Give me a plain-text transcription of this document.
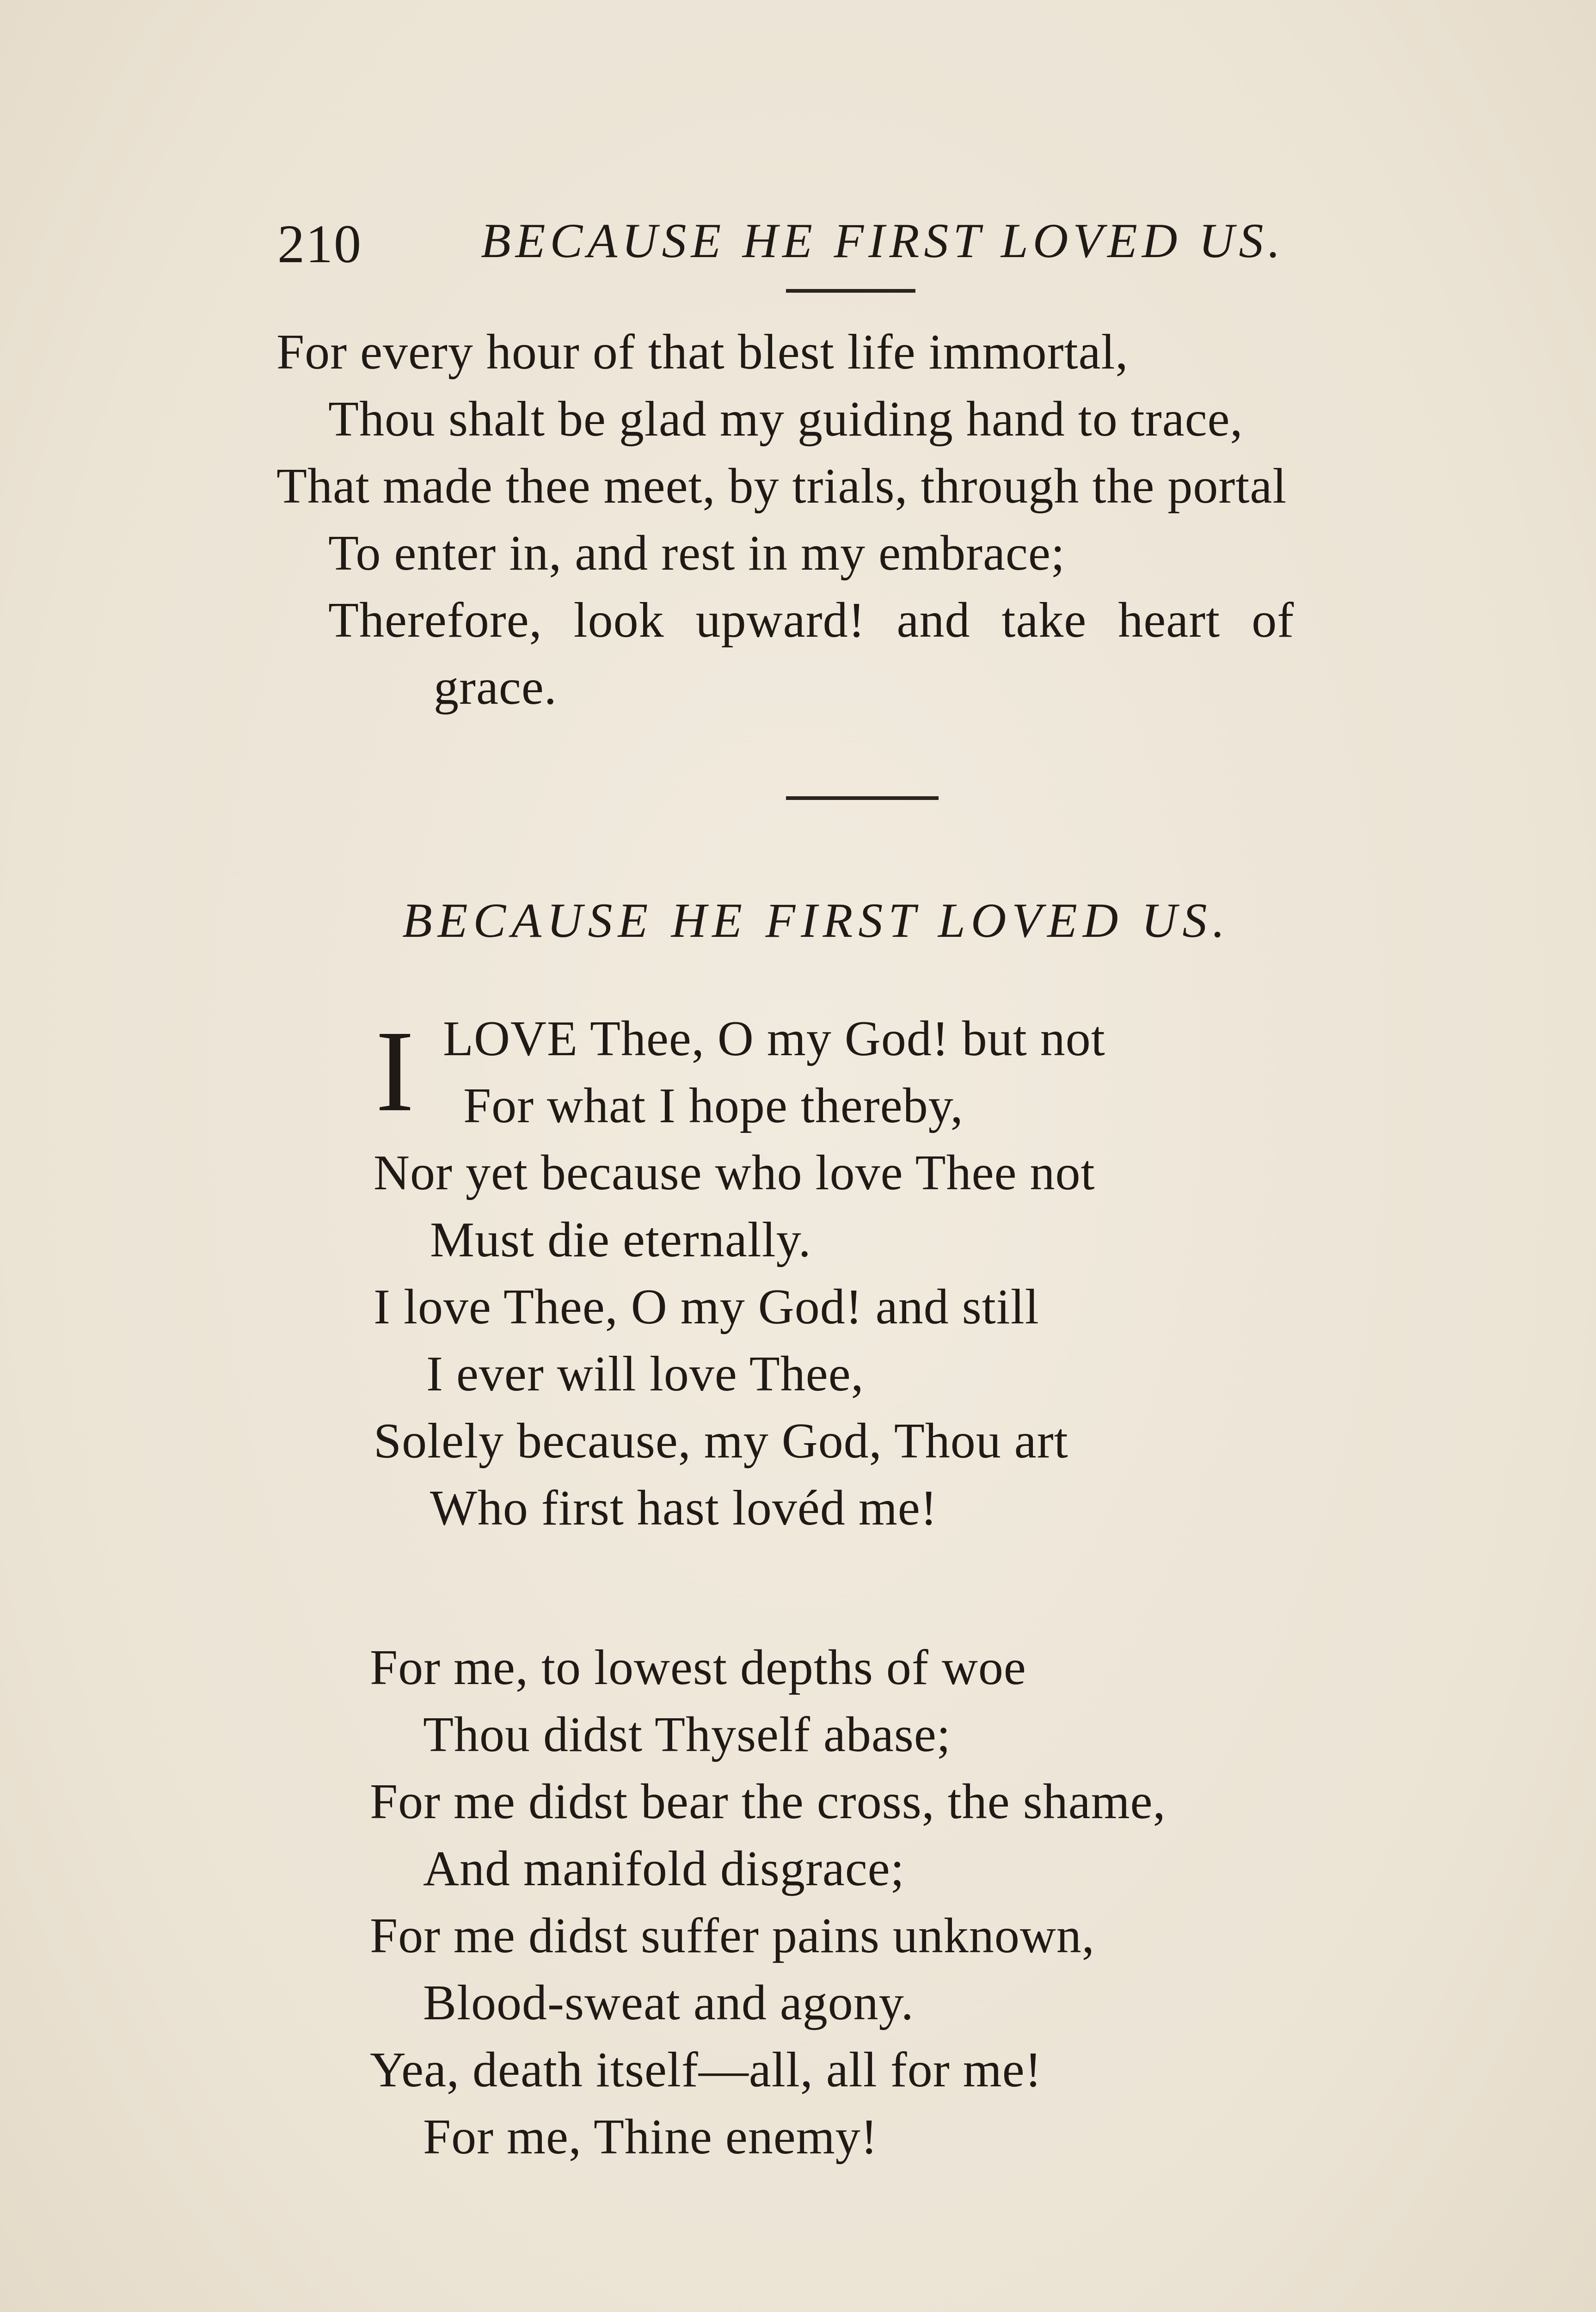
210 BECAUSE HE FIRST LOVED US.
For every hour of that blest life immortal,
Thou shalt be glad my guiding hand to trace,
That made thee meet, by trials, through the portal
To enter in, and rest in my embrace;
Therefore, look upward! and take heart of
grace.
BECAUSE HE FIRST LOVED US.
I LOVE Thee, O my God! but not
For what I hope thereby,
Nor yet because who love Thee not
Must die eternally.
I love Thee, O my God! and still
I ever will love Thee,
Solely because, my God, Thou art
Who first hast lovéd me!
For me, to lowest depths of woe
Thou didst Thyself abase;
For me didst bear the cross, the shame,
And manifold disgrace;
For me didst suffer pains unknown,
Blood-sweat and agony.
Yea, death itself—all, all for me!
For me, Thine enemy!
